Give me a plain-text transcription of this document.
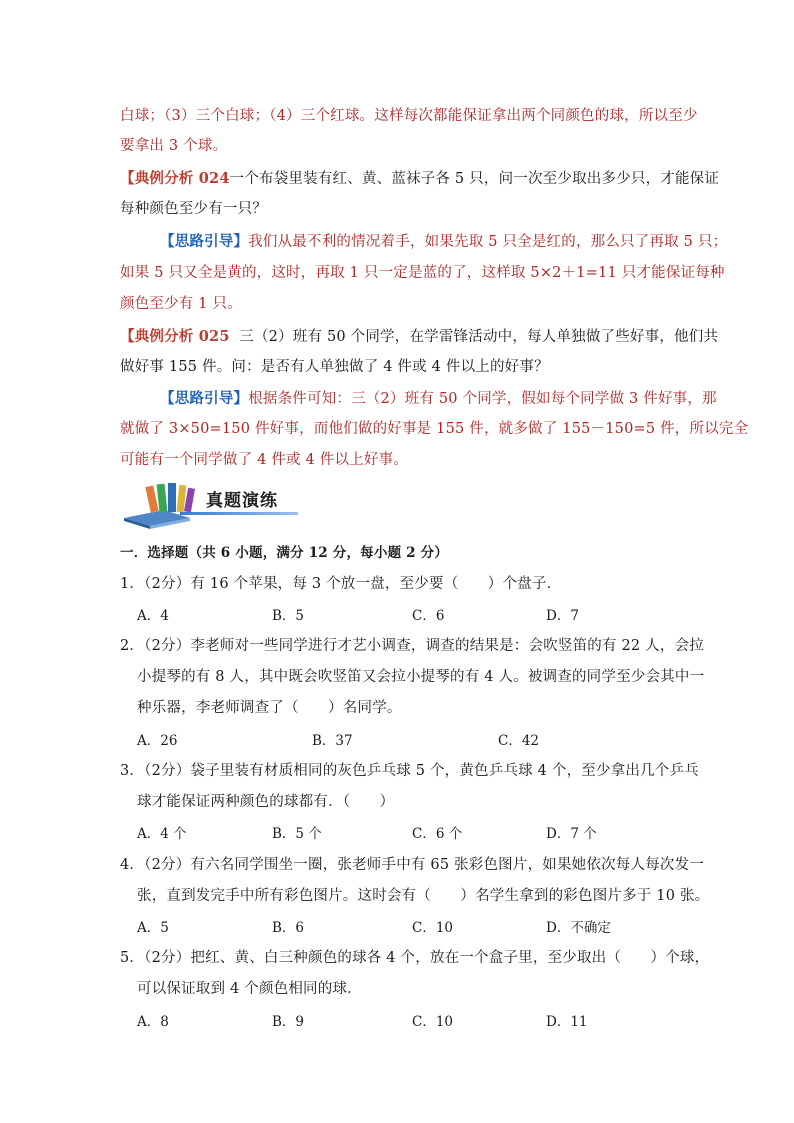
白球；（3）三个白球；（4）三个红球。这样每次都能保证拿出两个同颜色的球，所以至少
要拿出 3 个球。
【典例分析 024一个布袋里装有红、黄、蓝袜子各 5 只，问一次至少取出多少只，才能保证
每种颜色至少有一只？
【思路引导】我们从最不利的情况着手，如果先取 5 只全是红的，那么只了再取 5 只；
如果 5 只又全是黄的，这时，再取 1 只一定是蓝的了，这样取 5×2＋1=11 只才能保证每种
颜色至少有 1 只。
【典例分析 025 三（2）班有 50 个同学，在学雷锋活动中，每人单独做了些好事，他们共
做好事 155 件。问：是否有人单独做了 4 件或 4 件以上的好事？
【思路引导】根据条件可知：三（2）班有 50 个同学，假如每个同学做 3 件好事，那
就做了 3×50=150 件好事，而他们做的好事是 155 件，就多做了 155－150=5 件，所以完全
可能有一个同学做了 4 件或 4 件以上好事。
真题演练
一．选择题（共 6 小题，满分 12 分，每小题 2 分）
1．（2分）有 16 个苹果，每 3 个放一盘，至少要（　　）个盘子．
A．4	B．5	C．6	D．7
2．（2分）李老师对一些同学进行才艺小调查，调查的结果是：会吹竖笛的有 22 人，会拉
小提琴的有 8 人，其中既会吹竖笛又会拉小提琴的有 4 人。被调查的同学至少会其中一
种乐器，李老师调查了（　　）名同学。
A．26	B．37	C．42
3．（2分）袋子里装有材质相同的灰色乒乓球 5 个，黄色乒乓球 4 个，至少拿出几个乒乓
球才能保证两种颜色的球都有．（　　）
A．4 个	B．5 个	C．6 个	D．7 个
4．（2分）有六名同学围坐一圈，张老师手中有 65 张彩色图片，如果她依次每人每次发一
张，直到发完手中所有彩色图片。这时会有（　　）名学生拿到的彩色图片多于 10 张。
A．5	B．6	C．10	D．不确定
5．（2分）把红、黄、白三种颜色的球各 4 个，放在一个盒子里，至少取出（　　）个球，
可以保证取到 4 个颜色相同的球．
A．8	B．9	C．10	D．11
